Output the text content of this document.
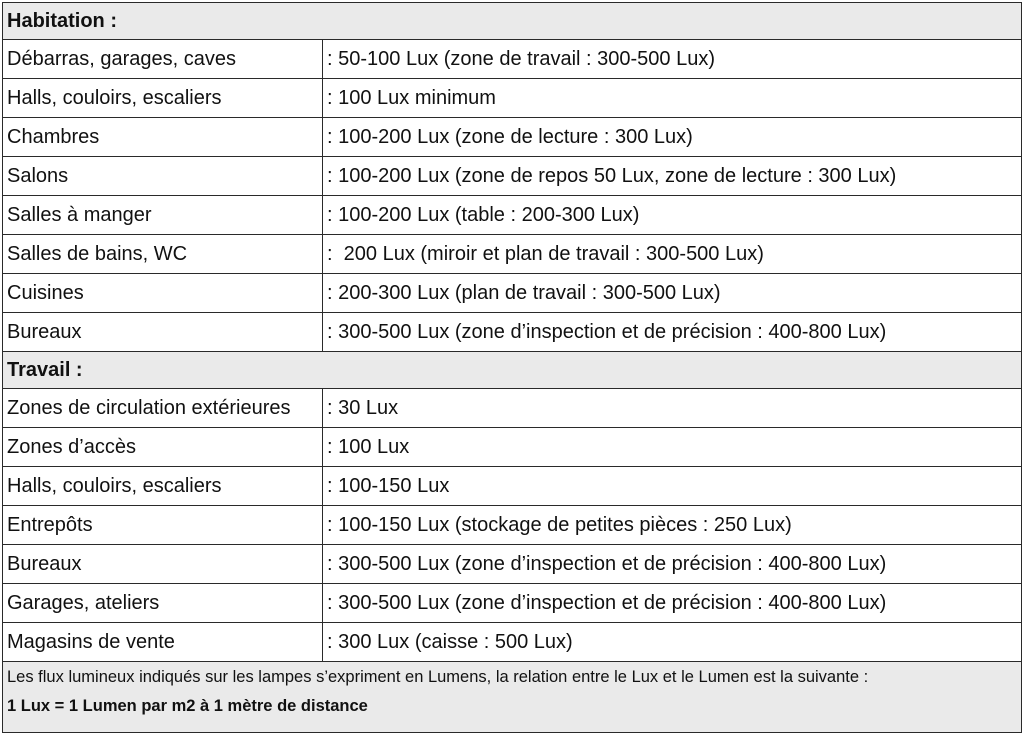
Habitation :	
Débarras, garages, caves	: 50-100 Lux (zone de travail : 300-500 Lux)
Halls, couloirs, escaliers	: 100 Lux minimum
Chambres	: 100-200 Lux (zone de lecture : 300 Lux)
Salons	: 100-200 Lux (zone de repos 50 Lux, zone de lecture : 300 Lux)
Salles à manger	: 100-200 Lux (table : 200-300 Lux)
Salles de bains, WC	:  200 Lux (miroir et plan de travail : 300-500 Lux)
Cuisines	: 200-300 Lux (plan de travail : 300-500 Lux)
Bureaux	: 300-500 Lux (zone d’inspection et de précision : 400-800 Lux)
Travail :	
Zones de circulation extérieures	: 30 Lux
Zones d’accès	: 100 Lux
Halls, couloirs, escaliers	: 100-150 Lux
Entrepôts	: 100-150 Lux (stockage de petites pièces : 250 Lux)
Bureaux	: 300-500 Lux (zone d’inspection et de précision : 400-800 Lux)
Garages, ateliers	: 300-500 Lux (zone d’inspection et de précision : 400-800 Lux)
Magasins de vente	: 300 Lux (caisse : 500 Lux)

Les flux lumineux indiqués sur les lampes s’expriment en Lumens, la relation entre le Lux et le Lumen est la suivante :
1 Lux = 1 Lumen par m2 à 1 mètre de distance	
